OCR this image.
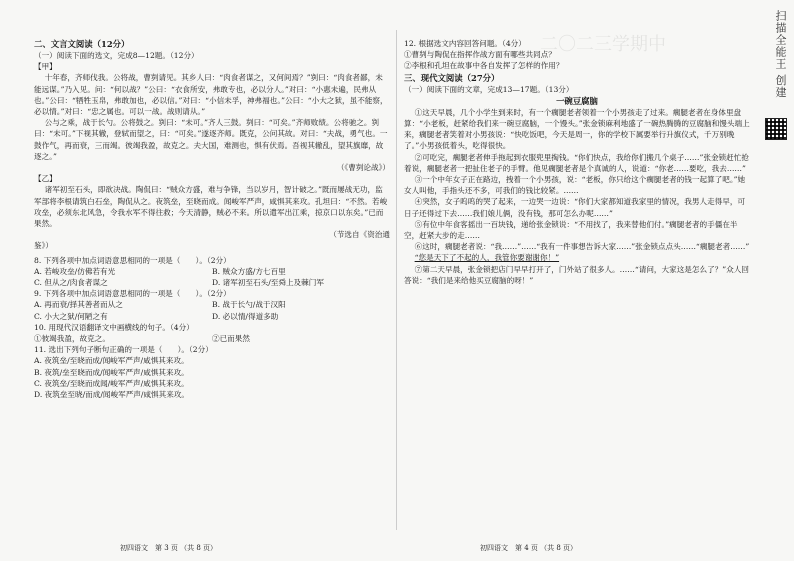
二〇二三学期中	扫描全能王 创建
二、文言文阅读（12分）
（一）阅读下面的选文，完成8—12题。（12分）
【甲】
十年春，齐师伐我。公将战，曹刿请见。其乡人曰：“肉食者谋之，又何间焉？”刿曰：“肉食者鄙，未能远谋。”乃入见。问：“何以战？”公曰：“衣食所安，弗敢专也，必以分人。”对曰：“小惠未遍，民弗从也。”公曰：“牺牲玉帛，弗敢加也，必以信。”对曰：“小信未孚，神弗福也。”公曰：“小大之狱，虽不能察，必以情。”对曰：“忠之属也。可以一战。战则请从。”
公与之乘，战于长勺。公将鼓之。刿曰：“未可。”齐人三鼓。刿曰：“可矣。”齐师败绩。公将驰之。刿曰：“未可。”下视其辙，登轼而望之，曰：“可矣。”遂逐齐师。既克，公问其故。对曰：“夫战，勇气也。一鼓作气，再而衰，三而竭。彼竭我盈，故克之。夫大国，难测也，惧有伏焉。吾视其辙乱，望其旗靡，故逐之。”
（《曹刿论战》）
【乙】
诸军初至石头，即欲决战。陶侃曰：“贼众方盛，难与争锋，当以岁月，智计破之。”既而屡战无功，监军部将李根请筑白石垒，陶侃从之。夜筑垒，至晓而成。闻峻军严声，咸惧其来攻。孔坦曰：“不然。若峻攻垒，必须东北风急，令我水军不得往救；今天清静，贼必不来。所以遣军出江乘，掠京口以东矣。”已而果然。
（节选自《资治通
鉴》）
8. 下列各项中加点词语意思相同的一项是（　　）。（2分）
A. 若峻攻垒/仿佛若有光	B. 贼众方盛/方七百里
C. 但从之/肉食者谋之	D. 诸军初至石头/至舜上及棘门军
9. 下列各项中加点词语意思相同的一项是（　　）。（2分）
A. 再而衰/择其善者而从之	B. 战于长勺/战于汉阳
C. 小大之狱/何陋之有	D. 必以情/得道多助
10. 用现代汉语翻译文中画横线的句子。（4分）
①彼竭我盈，故克之。	②已而果然
11. 选出下列句子断句正确的一项是（　　）。（2分）
A. 夜筑垒/至晓而成/闻峻军严声/咸惧其来攻。
B. 夜筑/垒至晓而成/闻峻军严声/咸惧其来攻。
C. 夜筑垒/至晓而成闻/峻军严声/咸惧其来攻。
D. 夜筑垒至晓/而成/闻峻军严声/咸惧其来攻。
初四语文　第 3 页 （共 8 页）
12. 根据选文内容回答问题。（4分）
①曹刿与陶侃在指挥作战方面有哪些共同点？
②李根和孔坦在故事中各自发挥了怎样的作用？
三、现代文阅读（27分）
（一）阅读下面的文章，完成13—17题。（13分）
一碗豆腐脑
①这天早晨，几个小学生到来时，有一个瘸腿老者领着一个小男孩走了过来。瘸腿老者在身体里盘算：“小老板，赶紧给我们来一碗豆腐脑，一个馒头。”张金锁麻利地盛了一碗热腾腾的豆腐脑和馒头端上来，瘸腿老者笑着对小男孩说：“快吃饭吧，今天是周一，你的学校下属要举行升旗仪式，千万别晚了。”小男孩低着头，吃得很快。
②可吃完，瘸腿老者伸手拖起到衣服兜里掏钱。“你们快点，我给你们搬几个桌子……”张金锁赶忙抢着说，瘸腿老者一把扯住老子的手臂。他见瘸腿老者是个真诚的人，说道：“你老……要吃，我去……”
③一个中年女子正在路边，拽着一个小男孩，说：“老板，你只给这个瘸腿老者的钱一起算了吧。”她女人叫他，手指头还不多，可我们的钱比较紧。……
④突然，女子呜呜的哭了起来，一边哭一边说：“你们大家都知道我家里的情况，我男人走得早，可日子还得过下去……我们娘儿俩，没有钱，那可怎么办呢……”
⑤有位中年食客摇出一百块钱，递给张金锁说：“不用找了，我来替他们付。”瘸腿老者的手僵在半空，赶紧大步的走……
⑥这时，瘸腿老者说：“我……”……“我有一件事想告诉大家……”张金锁点点头……“瘸腿老者……”
“您是天下了不起的人，我管你要谢谢你！”
⑦第二天早晨，张金锁把店门早早打开了，门外站了很多人。……“请问，大家这是怎么了？”众人回答说：“我们是来给他买豆腐脑的呀！”
初四语文　第 4 页 （共 8 页）
